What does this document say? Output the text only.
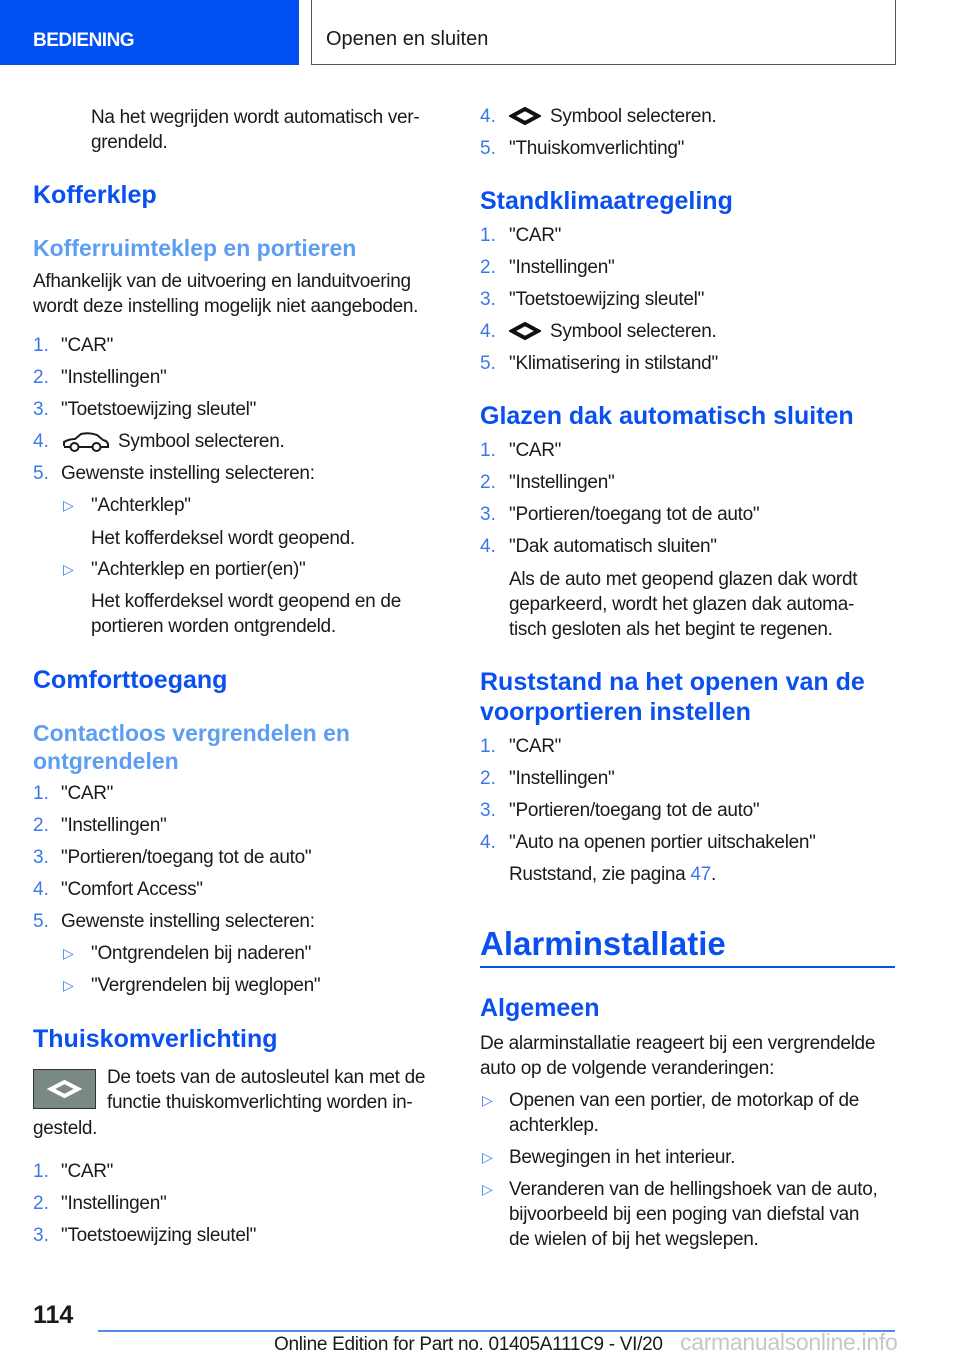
BEDIENING	Openen en sluiten
Na het wegrijden wordt automatisch ver-
grendeld.
Kofferklep
Kofferruimteklep en portieren
Afhankelijk van de uitvoering en landuitvoering
wordt deze instelling mogelijk niet aangeboden.
1. "CAR"
2. "Instellingen"
3. "Toetstoewijzing sleutel"
4.	Symbool selecteren.
5. Gewenste instelling selecteren:
▷ "Achterklep"
Het kofferdeksel wordt geopend.
▷ "Achterklep en portier(en)"
Het kofferdeksel wordt geopend en de
portieren worden ontgrendeld.
Comforttoegang
Contactloos vergrendelen en
ontgrendelen
1. "CAR"
2. "Instellingen"
3. "Portieren/toegang tot de auto"
4. "Comfort Access"
5. Gewenste instelling selecteren:
▷ "Ontgrendelen bij naderen"
▷ "Vergrendelen bij weglopen"
Thuiskomverlichting
De toets van de autosleutel kan met de
functie thuiskomverlichting worden in-
gesteld.
1. "CAR"
2. "Instellingen"
3. "Toetstoewijzing sleutel"
4.	Symbool selecteren.
5. "Thuiskomverlichting"
Standklimaatregeling
1. "CAR"
2. "Instellingen"
3. "Toetstoewijzing sleutel"
4.	Symbool selecteren.
5. "Klimatisering in stilstand"
Glazen dak automatisch sluiten
1. "CAR"
2. "Instellingen"
3. "Portieren/toegang tot de auto"
4. "Dak automatisch sluiten"
Als de auto met geopend glazen dak wordt
geparkeerd, wordt het glazen dak automa-
tisch gesloten als het begint te regenen.
Ruststand na het openen van de
voorportieren instellen
1. "CAR"
2. "Instellingen"
3. "Portieren/toegang tot de auto"
4. "Auto na openen portier uitschakelen"
Ruststand, zie pagina 47.
Alarminstallatie
Algemeen
De alarminstallatie reageert bij een vergrendelde
auto op de volgende veranderingen:
▷ Openen van een portier, de motorkap of de
achterklep.
▷ Bewegingen in het interieur.
▷ Veranderen van de hellingshoek van de auto,
bijvoorbeeld bij een poging van diefstal van
de wielen of bij het wegslepen.
114
Online Edition for Part no. 01405A111C9 - VI/20 carmanualsonline.info
